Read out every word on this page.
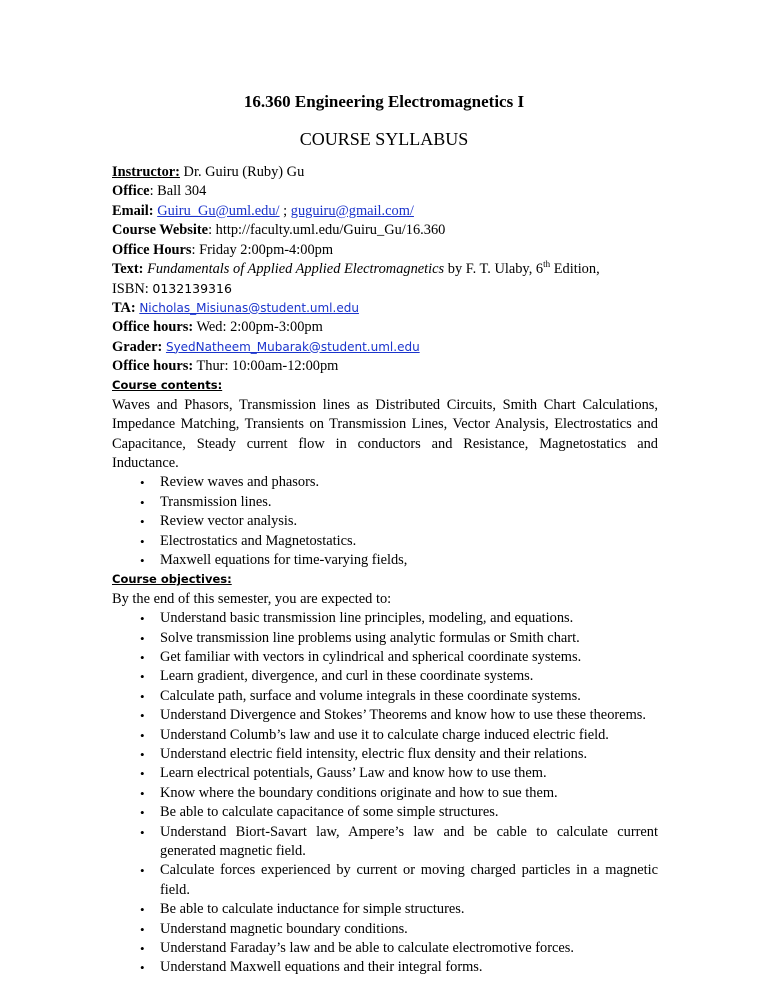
16.360 Engineering Electromagnetics I
COURSE SYLLABUS
Instructor: Dr. Guiru (Ruby) Gu
Office: Ball 304
Email: Guiru_Gu@uml.edu/ ; guguiru@gmail.com/
Course Website: http://faculty.uml.edu/Guiru_Gu/16.360
Office Hours: Friday 2:00pm-4:00pm
Text: Fundamentals of Applied Applied Electromagnetics by F. T. Ulaby, 6th Edition,
ISBN: 0132139316
TA: Nicholas_Misiunas@student.uml.edu
Office hours: Wed: 2:00pm-3:00pm
Grader: SyedNatheem_Mubarak@student.uml.edu
Office hours: Thur: 10:00am-12:00pm
Course contents:
Waves and Phasors, Transmission lines as Distributed Circuits, Smith Chart Calculations, Impedance Matching, Transients on Transmission Lines, Vector Analysis, Electrostatics and Capacitance, Steady current flow in conductors and Resistance, Magnetostatics and Inductance.
• Review waves and phasors.
• Transmission lines.
• Review vector analysis.
• Electrostatics and Magnetostatics.
• Maxwell equations for time-varying fields,
Course objectives:
By the end of this semester, you are expected to:
• Understand basic transmission line principles, modeling, and equations.
• Solve transmission line problems using analytic formulas or Smith chart.
• Get familiar with vectors in cylindrical and spherical coordinate systems.
• Learn gradient, divergence, and curl in these coordinate systems.
• Calculate path, surface and volume integrals in these coordinate systems.
• Understand Divergence and Stokes’ Theorems and know how to use these theorems.
• Understand Columb’s law and use it to calculate charge induced electric field.
• Understand electric field intensity, electric flux density and their relations.
• Learn electrical potentials, Gauss’ Law and know how to use them.
• Know where the boundary conditions originate and how to sue them.
• Be able to calculate capacitance of some simple structures.
• Understand Biort-Savart law, Ampere’s law and be cable to calculate current generated magnetic field.
• Calculate forces experienced by current or moving charged particles in a magnetic field.
• Be able to calculate inductance for simple structures.
• Understand magnetic boundary conditions.
• Understand Faraday’s law and be able to calculate electromotive forces.
• Understand Maxwell equations and their integral forms.
